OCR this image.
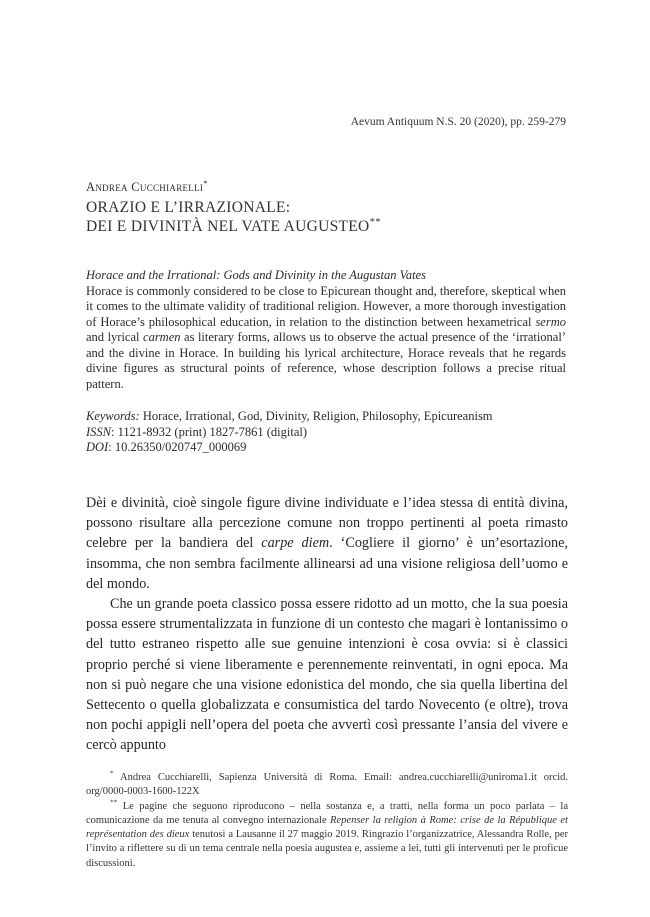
Aevum Antiquum N.S. 20 (2020), pp. 259-279
Andrea Cucchiarelli*
ORAZIO E L’IRRAZIONALE:
DEI E DIVINITÀ NEL VATE AUGUSTEO**

Horace and the Irrational: Gods and Divinity in the Augustan Vates

Horace is commonly considered to be close to Epicurean thought and, therefore, skeptical when it comes to the ultimate validity of traditional religion. However, a more thorough investigation of Horace’s philosophical education, in relation to the distinction between hexametrical sermo and lyrical carmen as literary forms, allows us to observe the actual presence of the ‘irrational’ and the divine in Horace. In building his lyrical architecture, Horace reveals that he regards divine figures as structural points of reference, whose description follows a precise ritual pattern.

Keywords: Horace, Irrational, God, Divinity, Religion, Philosophy, Epicureanism
ISSN: 1121-8932 (print) 1827-7861 (digital)
DOI: 10.26350/020747_000069

Dèi e divinità, cioè singole figure divine individuate e l’idea stessa di entità divina, possono risultare alla percezione comune non troppo pertinenti al poeta rimasto celebre per la bandiera del carpe diem. ‘Cogliere il giorno’ è un’esortazione, insomma, che non sembra facilmente allinearsi ad una visione religiosa dell’uomo e del mondo.

Che un grande poeta classico possa essere ridotto ad un motto, che la sua poesia possa essere strumentalizzata in funzione di un contesto che magari è lontanissimo o del tutto estraneo rispetto alle sue genuine intenzioni è cosa ovvia: si è classici proprio perché si viene liberamente e perennemente reinventati, in ogni epoca. Ma non si può negare che una visione edonistica del mondo, che sia quella libertina del Settecento o quella globalizzata e consumistica del tardo Novecento (e oltre), trova non pochi appigli nell’opera del poeta che avvertì così pressante l’ansia del vivere e cercò appunto

* Andrea Cucchiarelli, Sapienza Università di Roma. Email: andrea.cucchiarelli@uniroma1.it orcid. org/0000-0003-1600-122X

** Le pagine che seguono riproducono – nella sostanza e, a tratti, nella forma un poco parlata – la comunicazione da me tenuta al convegno internazionale Repenser la religion à Rome: crise de la République et représentation des dieux tenutosi a Lausanne il 27 maggio 2019. Ringrazio l’organizzatrice, Alessandra Rolle, per l’invito a riflettere su di un tema centrale nella poesia augustea e, assieme a lei, tutti gli intervenuti per le proficue discussioni.
